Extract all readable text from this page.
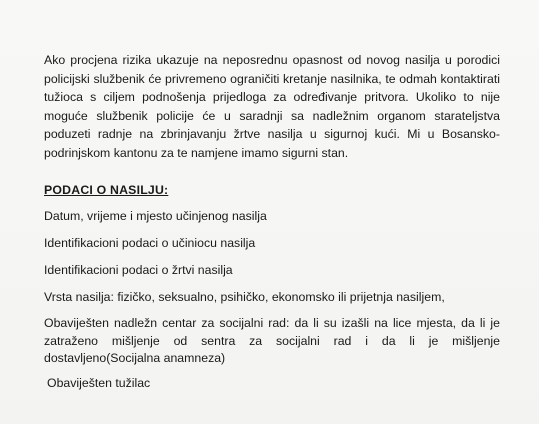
Ako procjena rizika ukazuje na neposrednu opasnost od novog nasilja u porodici policijski službenik će privremeno ograničiti kretanje nasilnika, te odmah kontaktirati tužioca s ciljem podnošenja prijedloga za određivanje pritvora. Ukoliko to nije moguće službenik policije će u saradnji sa nadležnim organom starateljstva poduzeti radnje na zbrinjavanju žrtve nasilja u sigurnoj kući. Mi u Bosansko-podrinjskom kantonu za te namjene imamo sigurni stan.

PODACI O NASILJU:

Datum, vrijeme i mjesto učinjenog nasilja

Identifikacioni podaci o učiniocu nasilja

Identifikacioni podaci o žrtvi nasilja

Vrsta nasilja: fizičko, seksualno, psihičko, ekonomsko ili prijetnja nasiljem,

Obaviješten nadležn centar za socijalni rad: da li su izašli na lice mjesta, da li je zatraženo mišljenje od sentra za socijalni rad i da li je mišljenje dostavljeno(Socijalna anamneza)

Obaviješten tužilac
